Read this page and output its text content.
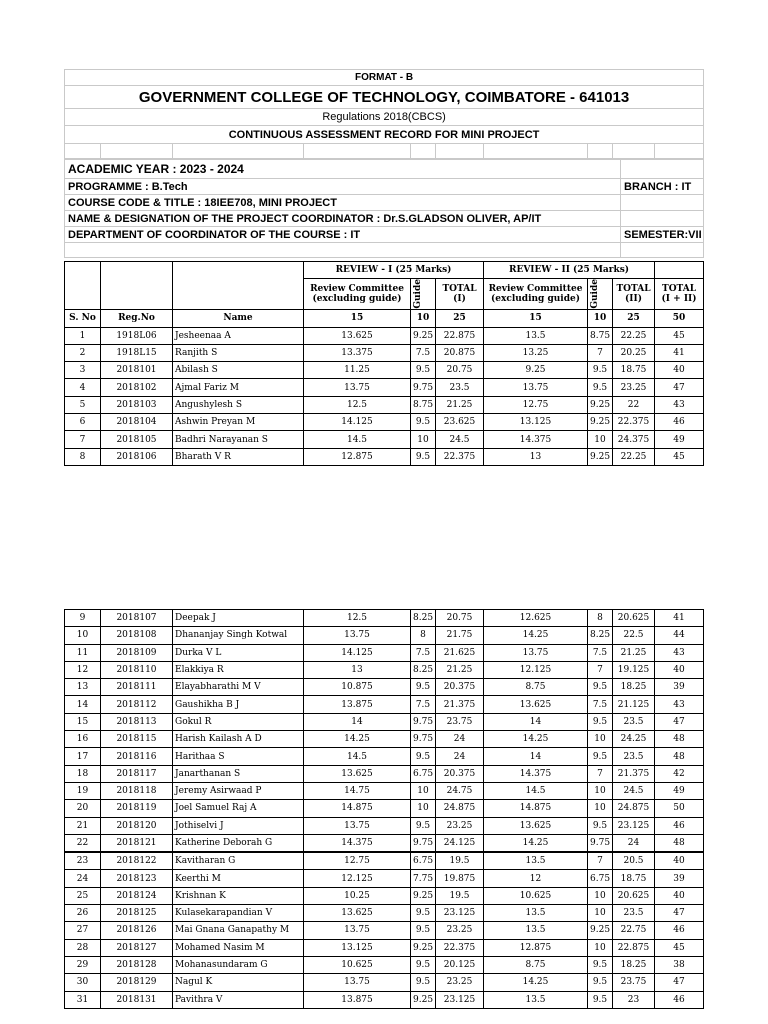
FORMAT - B
GOVERNMENT COLLEGE OF TECHNOLOGY, COIMBATORE - 641013
Regulations 2018(CBCS)
CONTINUOUS ASSESSMENT RECORD FOR MINI PROJECT

ACADEMIC YEAR : 2023 - 2024	
PROGRAMME : B.Tech	BRANCH : IT
COURSE CODE & TITLE : 18IEE708, MINI PROJECT	
NAME & DESIGNATION OF THE PROJECT COORDINATOR : Dr.S.GLADSON OLIVER, AP/IT	
DEPARTMENT OF COORDINATOR OF THE COURSE : IT	SEMESTER:VII

			REVIEW - I (25 Marks)			REVIEW - II (25 Marks)			
			Review Committee (excluding guide)	Guide	TOTAL (I)	Review Committee (excluding guide)	Guide	TOTAL (II)	TOTAL (I + II)
S. No	Reg.No	Name	15	10	25	15	10	25	50
1	1918L06	Jesheenaa A	13.625	9.25	22.875	13.5	8.75	22.25	45
2	1918L15	Ranjith S	13.375	7.5	20.875	13.25	7	20.25	41
3	2018101	Abilash S	11.25	9.5	20.75	9.25	9.5	18.75	40
4	2018102	Ajmal Fariz M	13.75	9.75	23.5	13.75	9.5	23.25	47
5	2018103	Angushylesh S	12.5	8.75	21.25	12.75	9.25	22	43
6	2018104	Ashwin Preyan M	14.125	9.5	23.625	13.125	9.25	22.375	46
7	2018105	Badhri Narayanan S	14.5	10	24.5	14.375	10	24.375	49
8	2018106	Bharath V R	12.875	9.5	22.375	13	9.25	22.25	45
9	2018107	Deepak J	12.5	8.25	20.75	12.625	8	20.625	41
10	2018108	Dhananjay Singh Kotwal	13.75	8	21.75	14.25	8.25	22.5	44
11	2018109	Durka V L	14.125	7.5	21.625	13.75	7.5	21.25	43
12	2018110	Elakkiya R	13	8.25	21.25	12.125	7	19.125	40
13	2018111	Elayabharathi M V	10.875	9.5	20.375	8.75	9.5	18.25	39
14	2018112	Gaushikha B J	13.875	7.5	21.375	13.625	7.5	21.125	43
15	2018113	Gokul R	14	9.75	23.75	14	9.5	23.5	47
16	2018115	Harish Kailash A D	14.25	9.75	24	14.25	10	24.25	48
17	2018116	Harithaa S	14.5	9.5	24	14	9.5	23.5	48
18	2018117	Janarthanan S	13.625	6.75	20.375	14.375	7	21.375	42
19	2018118	Jeremy Asirwaad P	14.75	10	24.75	14.5	10	24.5	49
20	2018119	Joel Samuel Raj A	14.875	10	24.875	14.875	10	24.875	50
21	2018120	Jothiselvi J	13.75	9.5	23.25	13.625	9.5	23.125	46
22	2018121	Katherine Deborah G	14.375	9.75	24.125	14.25	9.75	24	48
23	2018122	Kavitharan G	12.75	6.75	19.5	13.5	7	20.5	40
24	2018123	Keerthi M	12.125	7.75	19.875	12	6.75	18.75	39
25	2018124	Krishnan K	10.25	9.25	19.5	10.625	10	20.625	40
26	2018125	Kulasekarapandian V	13.625	9.5	23.125	13.5	10	23.5	47
27	2018126	Mai Gnana Ganapathy M	13.75	9.5	23.25	13.5	9.25	22.75	46
28	2018127	Mohamed Nasim M	13.125	9.25	22.375	12.875	10	22.875	45
29	2018128	Mohanasundaram G	10.625	9.5	20.125	8.75	9.5	18.25	38
30	2018129	Nagul K	13.75	9.5	23.25	14.25	9.5	23.75	47
31	2018131	Pavithra V	13.875	9.25	23.125	13.5	9.5	23	46
